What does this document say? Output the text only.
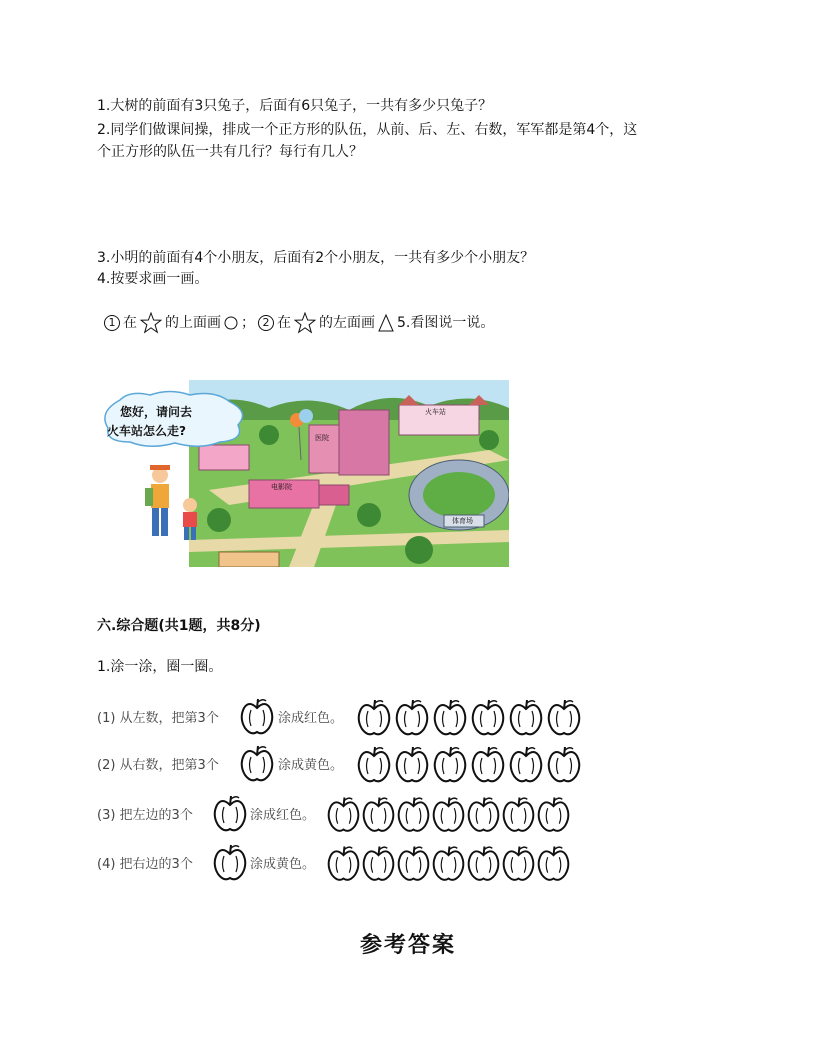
1.大树的前面有3只兔子，后面有6只兔子，一共有多少只兔子？
2.同学们做课间操，排成一个正方形的队伍，从前、后、左、右数，军军都是第4个，这
个正方形的队伍一共有几行？每行有几人？
3.小明的前面有4个小朋友，后面有2个小朋友，一共有多少个小朋友？
4.按要求画一画。
1 在 的上面画 ； 2 在 的左面画 5.看图说一说。
火车站
医院
电影院
体育场
您好，请问去
火车站怎么走?
六.综合题(共1题，共8分)
1.涂一涂，圈一圈。
(1) 从左数，把第3个	涂成红色。
(2) 从右数，把第3个	涂成黄色。
(3) 把左边的3个	涂成红色。
(4) 把右边的3个	涂成黄色。
参考答案
